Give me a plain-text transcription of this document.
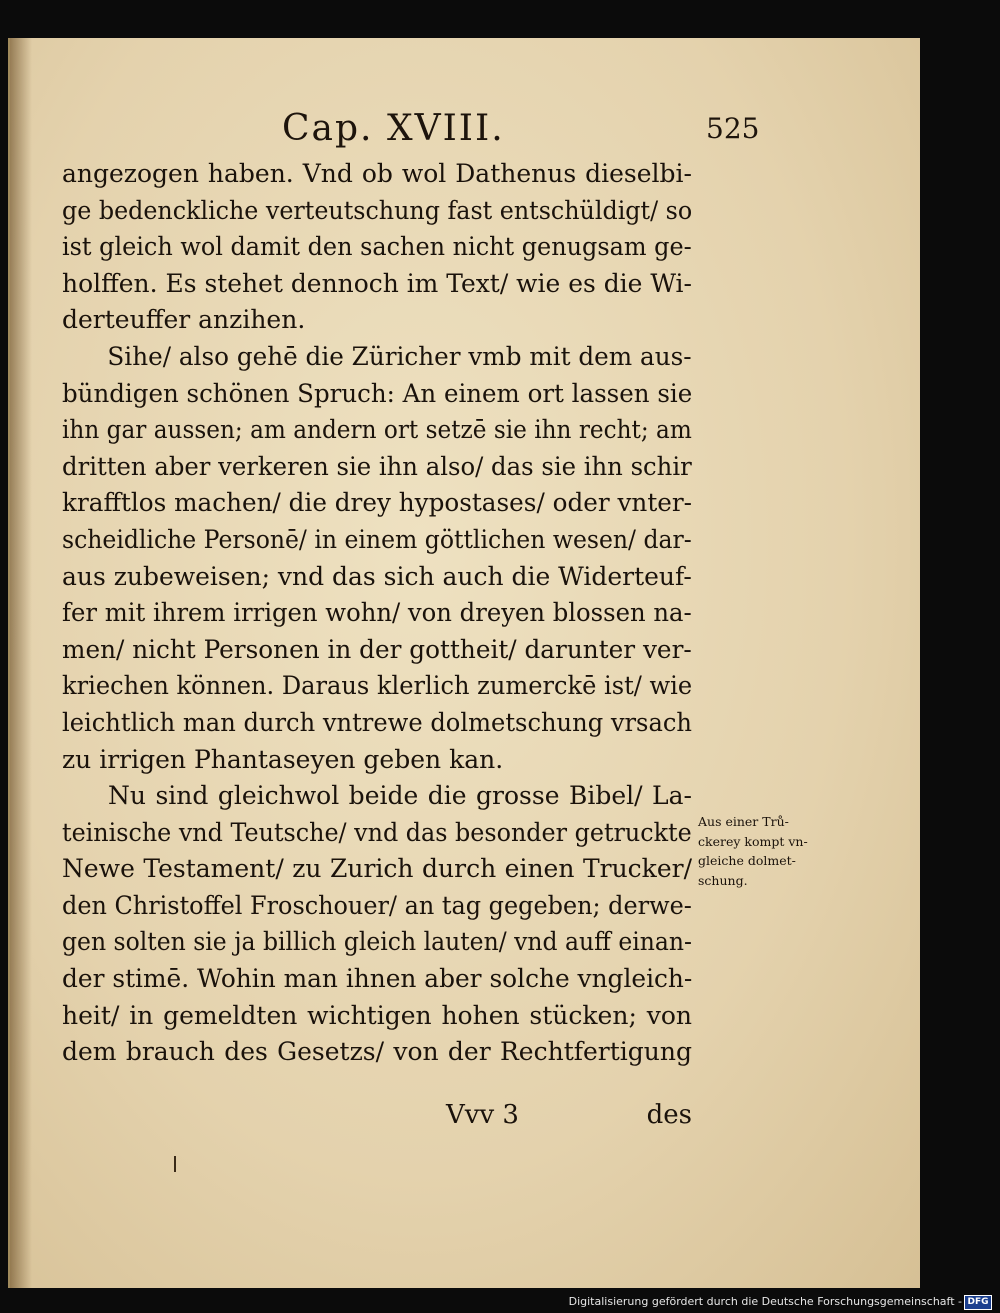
Cap. XVIII.	525
angezogen haben. Vnd ob wol Dathenus dieselbi-
ge bedenckliche verteutschung fast entschüldigt/ so
ist gleich wol damit den sachen nicht genugsam ge-
holffen. Es stehet dennoch im Text/ wie es die Wi-
derteuffer anzihen.
Sihe/ also gehē die Züricher vmb mit dem aus-
bündigen schönen Spruch: An einem ort lassen sie
ihn gar aussen; am andern ort setzē sie ihn recht; am
dritten aber verkeren sie ihn also/ das sie ihn schir
krafftlos machen/ die drey hypostases/ oder vnter-
scheidliche Personē/ in einem göttlichen wesen/ dar-
aus zubeweisen; vnd das sich auch die Widerteuf-
fer mit ihrem irrigen wohn/ von dreyen blossen na-
men/ nicht Personen in der gottheit/ darunter ver-
kriechen können. Daraus klerlich zumerckē ist/ wie
leichtlich man durch vntrewe dolmetschung vrsach
zu irrigen Phantaseyen geben kan.
Nu sind gleichwol beide die grosse Bibel/ La-
teinische vnd Teutsche/ vnd das besonder getruckte
Newe Testament/ zu Zurich durch einen Trucker/
den Christoffel Froschouer/ an tag gegeben; derwe-
gen solten sie ja billich gleich lauten/ vnd auff einan-
der stimē. Wohin man ihnen aber solche vngleich-
heit/ in gemeldten wichtigen hohen stücken; von
dem brauch des Gesetzs/ von der Rechtfertigung
Vvv 3	des
Aus einer Trů-
ckerey kompt vn-
gleiche dolmet-
schung.
Digitalisierung gefördert durch die Deutsche Forschungsgemeinschaft - DFG
